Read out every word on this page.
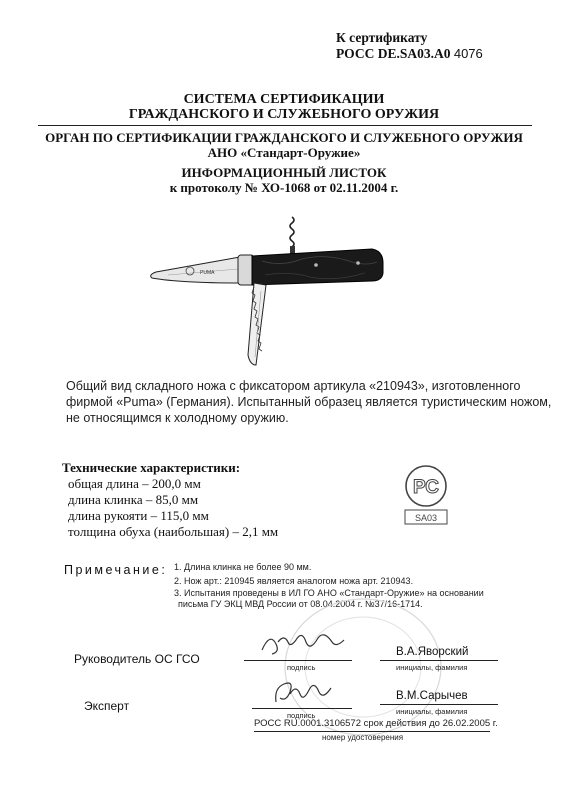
К сертификату
РОСС DE.SA03.A0 4076
СИСТЕМА СЕРТИФИКАЦИИ
ГРАЖДАНСКОГО И СЛУЖЕБНОГО ОРУЖИЯ
ОРГАН ПО СЕРТИФИКАЦИИ ГРАЖДАНСКОГО И СЛУЖЕБНОГО ОРУЖИЯ
АНО «Стандарт-Оружие»
ИНФОРМАЦИОННЫЙ ЛИСТОК
к протоколу № ХО-1068 от 02.11.2004 г.
PUMA
Общий вид складного ножа с фиксатором артикула «210943», изготовленного
фирмой «Puma» (Германия). Испытанный образец является туристическим ножом,
не относящимся к холодному оружию.
Технические характеристики:
общая длина – 200,0 мм
длина клинка – 85,0 мм
длина рукояти – 115,0 мм
толщина обуха (наибольшая) – 2,1 мм
РС
SA03
Примечание: 1. Длина клинка не более 90 мм.
2. Нож арт.: 210945 является аналогом ножа арт. 210943.
3. Испытания проведены в ИЛ ГО АНО «Стандарт-Оружие» на основании
письма ГУ ЭКЦ МВД России от 08.04.2004 г. №37/16-1714.
Руководитель ОС ГСО
подпись
В.А.Яворский
инициалы, фамилия
Эксперт
подпись
В.М.Сарычев
инициалы, фамилия
РОСС RU.0001.3106572 срок действия до 26.02.2005 г.
номер удостоверения
